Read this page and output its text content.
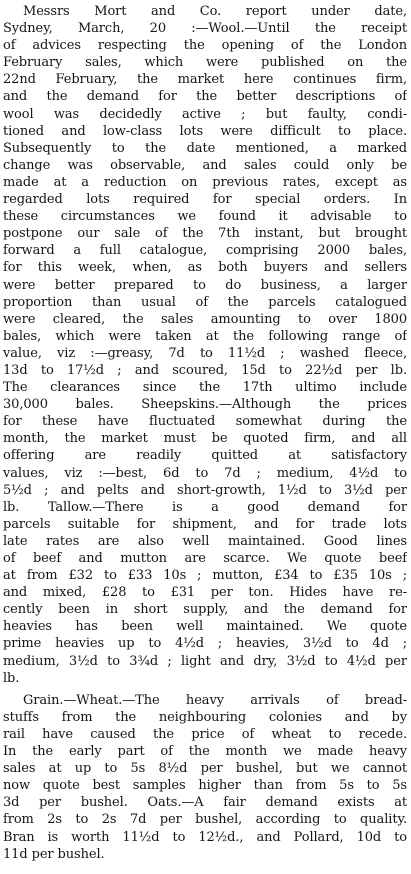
Messrs Mort and Co. report under date,
Sydney, March, 20 :—Wool.—Until the receipt
of advices respecting the opening of the London
February sales, which were published on the
22nd February, the market here continues firm,
and the demand for the better descriptions of
wool was decidedly active ; but faulty, condi-
tioned and low-class lots were difficult to place.
Subsequently to the date mentioned, a marked
change was observable, and sales could only be
made at a reduction on previous rates, except as
regarded lots required for special orders. In
these circumstances we found it advisable to
postpone our sale of the 7th instant, but brought
forward a full catalogue, comprising 2000 bales,
for this week, when, as both buyers and sellers
were better prepared to do business, a larger
proportion than usual of the parcels catalogued
were cleared, the sales amounting to over 1800
bales, which were taken at the following range of
value, viz :—greasy, 7d to 11½d ; washed fleece,
13d to 17½d ; and scoured, 15d to 22½d per lb.
The clearances since the 17th ultimo include
30,000 bales. Sheepskins.—Although the prices
for these have fluctuated somewhat during the
month, the market must be quoted firm, and all
offering are readily quitted at satisfactory
values, viz :—best, 6d to 7d ; medium, 4½d to
5½d ; and pelts and short-growth, 1½d to 3½d per
lb. Tallow.—There is a good demand for
parcels suitable for shipment, and for trade lots
late rates are also well maintained. Good lines
of beef and mutton are scarce. We quote beef
at from £32 to £33 10s ; mutton, £34 to £35 10s ;
and mixed, £28 to £31 per ton. Hides have re-
cently been in short supply, and the demand for
heavies has been well maintained. We quote
prime heavies up to 4½d ; heavies, 3½d to 4d ;
medium, 3½d to 3¾d ; light and dry, 3½d to 4½d per
lb.
Grain.—Wheat.—The heavy arrivals of bread-
stuffs from the neighbouring colonies and by
rail have caused the price of wheat to recede.
In the early part of the month we made heavy
sales at up to 5s 8½d per bushel, but we cannot
now quote best samples higher than from 5s to 5s
3d per bushel. Oats.—A fair demand exists at
from 2s to 2s 7d per bushel, according to quality.
Bran is worth 11½d to 12½d., and Pollard, 10d to
11d per bushel.
